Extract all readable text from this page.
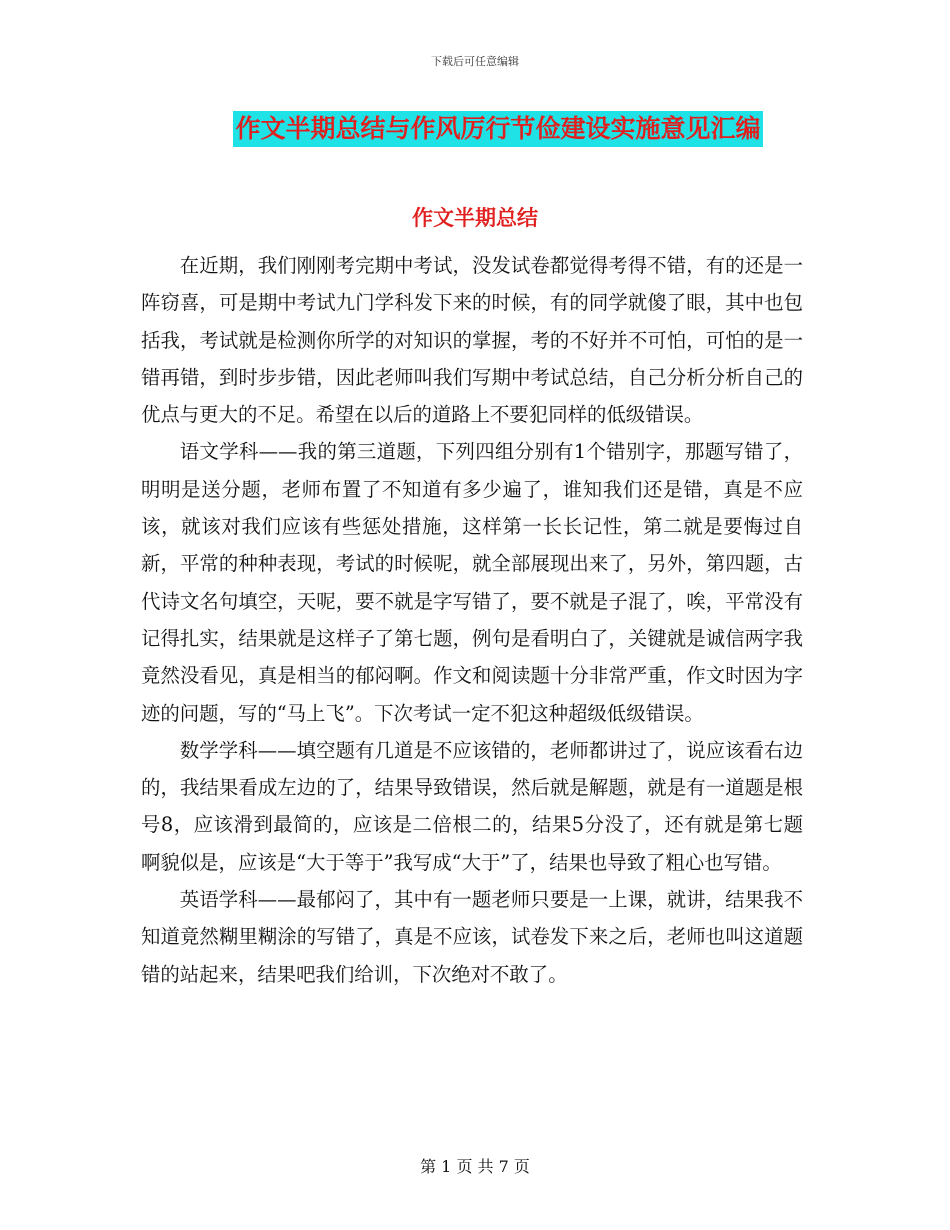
下载后可任意编辑
作文半期总结与作风厉行节俭建设实施意见汇编
作文半期总结

在近期，我们刚刚考完期中考试，没发试卷都觉得考得不错，有的还是一阵窃喜，可是期中考试九门学科发下来的时候，有的同学就傻了眼，其中也包括我，考试就是检测你所学的对知识的掌握，考的不好并不可怕，可怕的是一错再错，到时步步错，因此老师叫我们写期中考试总结，自己分析分析自己的优点与更大的不足。希望在以后的道路上不要犯同样的低级错误。

语文学科——我的第三道题，下列四组分别有1个错别字，那题写错了，明明是送分题，老师布置了不知道有多少遍了，谁知我们还是错，真是不应该，就该对我们应该有些惩处措施，这样第一长长记性，第二就是要悔过自新，平常的种种表现，考试的时候呢，就全部展现出来了，另外，第四题，古代诗文名句填空，天呢，要不就是字写错了，要不就是子混了，唉，平常没有记得扎实，结果就是这样子了第七题，例句是看明白了，关键就是诚信两字我竟然没看见，真是相当的郁闷啊。作文和阅读题十分非常严重，作文时因为字迹的问题，写的“马上飞”。下次考试一定不犯这种超级低级错误。

数学学科——填空题有几道是不应该错的，老师都讲过了，说应该看右边的，我结果看成左边的了，结果导致错误，然后就是解题，就是有一道题是根号8，应该滑到最简的，应该是二倍根二的，结果5分没了，还有就是第七题啊貌似是，应该是“大于等于”我写成“大于”了，结果也导致了粗心也写错。

英语学科——最郁闷了，其中有一题老师只要是一上课，就讲，结果我不知道竟然糊里糊涂的写错了，真是不应该，试卷发下来之后，老师也叫这道题错的站起来，结果吧我们给训，下次绝对不敢了。

第 1 页 共 7 页
